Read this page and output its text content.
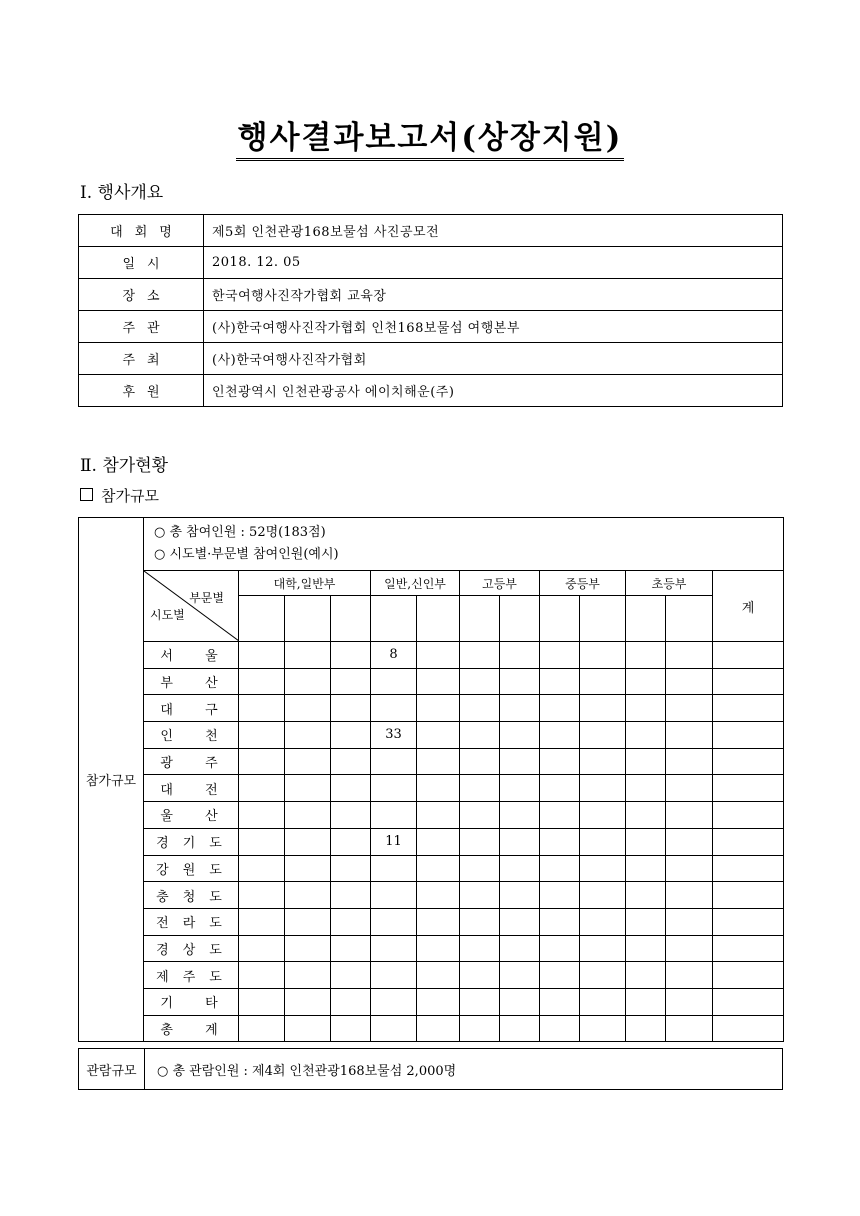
행사결과보고서(상장지원)
Ⅰ. 행사개요
대회명	제5회 인천관광168보물섬 사진공모전
일시	2018. 12. 05
장소	한국여행사진작가협회 교육장
주관	(사)한국여행사진작가협회 인천168보물섬 여행본부
주최	(사)한국여행사진작가협회
후원	인천광역시 인천관광공사 에이치해운(주)
Ⅱ. 참가현황
참가규모
참가규모	○ 총 참여인원 : 52명(183점)
○ 시도별·부문별 참여인원(예시)												

	부문별
시도별	대학,일반부			일반,신인부		고등부		중등부		초등부		계

	서 울				8								
	부 산												
	대 구												
	인 천				33								
	광 주												
	대 전												
	울 산												
	경기도				11								
	강원도												
	충청도												
	전라도												
	경상도												
	제주도												
	기 타												
	총 계												
관람규모	○ 총 관람인원 : 제4회 인천관광168보물섬 2,000명
